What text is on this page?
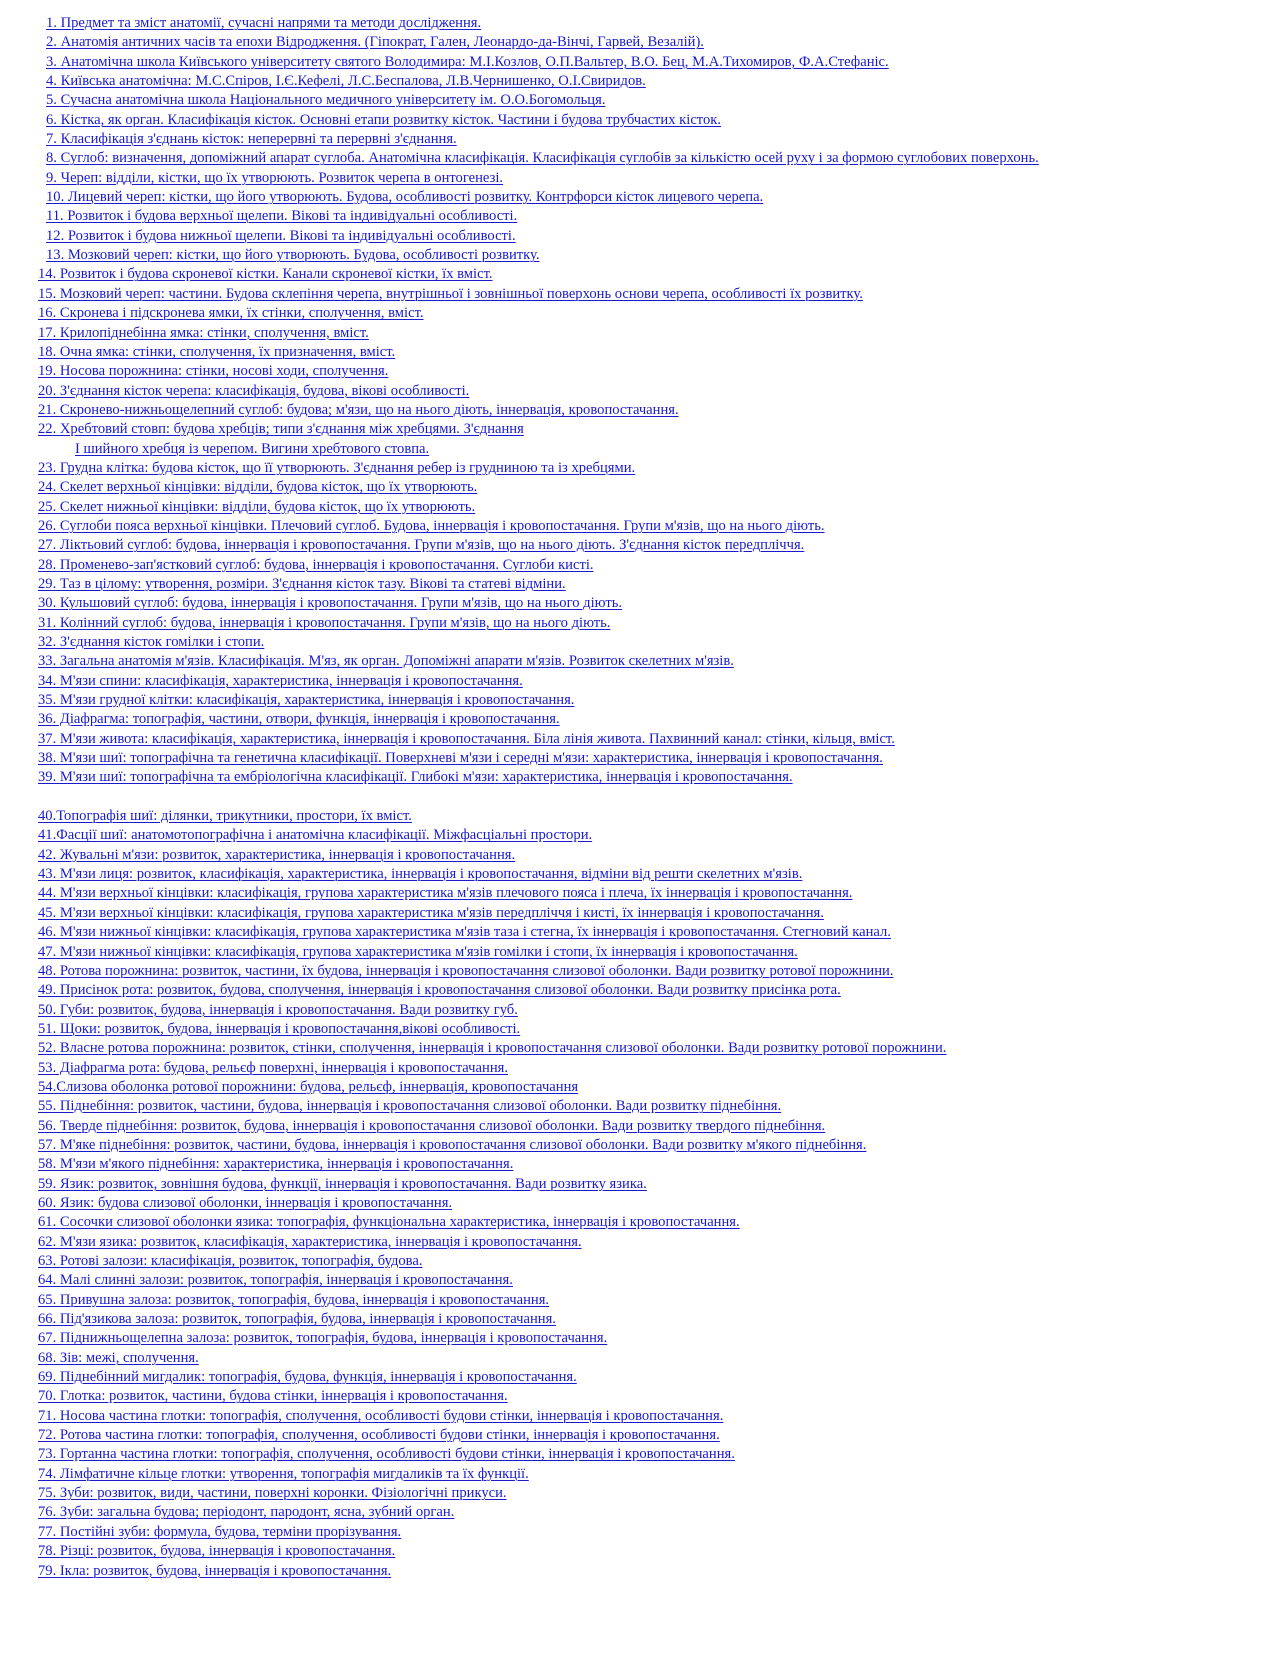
1. Предмет та зміст анатомії, сучасні напрями та методи дослідження.
2. Анатомія античних часів та епохи Відродження. (Гіпократ, Гален, Леонардо-да-Вінчі, Гарвей, Везалій).
3. Анатомічна школа Київського університету святого Володимира: М.І.Козлов, О.П.Вальтер, В.О. Бец, М.А.Тихомиров, Ф.А.Стефаніс.
4. Київська анатомічна: М.С.Спіров, І.Є.Кефелі, Л.С.Беспалова, Л.В.Чернишенко, О.І.Свиридов.
5. Сучасна анатомічна школа Національного медичного університету ім. О.О.Богомольця.
6. Кістка, як орган. Класифікація кісток. Основні етапи розвитку кісток. Частини і будова трубчастих кісток.
7. Класифікація з'єднань кісток: неперервні та перервні з'єднання.
8. Суглоб: визначення, допоміжний апарат суглоба. Анатомічна класифікація. Класифікація суглобів за кількістю осей руху і за формою суглобових поверхонь.
9. Череп: відділи, кістки, що їх утворюють. Розвиток черепа в онтогенезі.
10. Лицевий череп: кістки, що його утворюють. Будова, особливості розвитку. Контрфорси кісток лицевого черепа.
11. Розвиток і будова верхньої щелепи. Вікові та індивідуальні особливості.
12. Розвиток і будова нижньої щелепи. Вікові та індивідуальні особливості.
13. Мозковий череп: кістки, що його утворюють. Будова, особливості розвитку.
14. Розвиток і будова скроневої кістки. Канали скроневої кістки, їх вміст.
15. Мозковий череп: частини. Будова склепіння черепа, внутрішньої і зовнішньої поверхонь основи черепа, особливості їх розвитку.
16. Скронева і підскронева ямки, їх стінки, сполучення, вміст.
17. Крилопіднебінна ямка: стінки, сполучення, вміст.
18. Очна ямка: стінки, сполучення, їх призначення, вміст.
19. Носова порожнина: стінки, носові ходи, сполучення.
20. З'єднання кісток черепа: класифікація, будова, вікові особливості.
21. Скронево-нижньощелепний суглоб: будова; м'язи, що на нього діють, іннервація, кровопостачання.
22. Хребтовий стовп: будова хребців; типи з'єднання між хребцями. З'єднання
I шийного хребця із черепом. Вигини хребтового стовпа.
23. Грудна клітка: будова кісток, що її утворюють. З'єднання ребер із грудниною та із хребцями.
24. Скелет верхньої кінцівки: відділи, будова кісток, що їх утворюють.
25. Скелет нижньої кінцівки: відділи, будова кісток, що їх утворюють.
26. Суглоби пояса верхньої кінцівки. Плечовий суглоб. Будова, іннервація і кровопостачання. Групи м'язів, що на нього діють.
27. Ліктьовий суглоб: будова, іннервація і кровопостачання. Групи м'язів, що на нього діють. З'єднання кісток передпліччя.
28. Променево-зап'ястковий суглоб: будова, іннервація і кровопостачання. Суглоби кисті.
29. Таз в цілому: утворення, розміри. З'єднання кісток тазу. Вікові та статеві відміни.
30. Кульшовий суглоб: будова, іннервація і кровопостачання. Групи м'язів, що на нього діють.
31. Колінний суглоб: будова, іннервація і кровопостачання. Групи м'язів, що на нього діють.
32. З'єднання кісток гомілки і стопи.
33. Загальна анатомія м'язів. Класифікація. М'яз, як орган. Допоміжні апарати м'язів. Розвиток скелетних м'язів.
34. М'язи спини: класифікація, характеристика, іннервація і кровопостачання.
35. М'язи грудної клітки: класифікація, характеристика, іннервація і кровопостачання.
36. Діафрагма: топографія, частини, отвори, функція, іннервація і кровопостачання.
37. М'язи живота: класифікація, характеристика, іннервація і кровопостачання. Біла лінія живота. Пахвинний канал: стінки, кільця, вміст.
38. М'язи шиї: топографічна та генетична класифікації. Поверхневі м'язи і середні м'язи: характеристика, іннервація і кровопостачання.
39. М'язи шиї: топографічна та ембріологічна класифікації. Глибокі м'язи: характеристика, іннервація і кровопостачання.
40.Топографія шиї: ділянки, трикутники, простори, їх вміст.
41.Фасції шиї: анатомотопографічна і анатомічна класифікації. Міжфасціальні простори.
42. Жувальні м'язи: розвиток, характеристика, іннервація і кровопостачання.
43. М'язи лиця: розвиток, класифікація, характеристика, іннервація і кровопостачання, відміни від решти скелетних м'язів.
44. М'язи верхньої кінцівки: класифікація, групова характеристика м'язів плечового пояса і плеча, їх іннервація і кровопостачання.
45. М'язи верхньої кінцівки: класифікація, групова характеристика м'язів передпліччя і кисті, їх іннервація і кровопостачання.
46. М'язи нижньої кінцівки: класифікація, групова характеристика м'язів таза і стегна, їх іннервація і кровопостачання. Стегновий канал.
47. М'язи нижньої кінцівки: класифікація, групова характеристика м'язів гомілки і стопи, їх іннервація і кровопостачання.
48. Ротова порожнина: розвиток, частини, їх будова, іннервація і кровопостачання слизової оболонки. Вади розвитку ротової порожнини.
49. Присінок рота: розвиток, будова, сполучення, іннервація і кровопостачання слизової оболонки. Вади розвитку присінка рота.
50. Губи: розвиток, будова, іннервація і кровопостачання. Вади розвитку губ.
51. Щоки: розвиток, будова, іннервація і кровопостачання,вікові особливості.
52. Власне ротова порожнина: розвиток, стінки, сполучення, іннервація і кровопостачання слизової оболонки. Вади розвитку ротової порожнини.
53. Діафрагма рота: будова, рельєф поверхні, іннервація і кровопостачання.
54.Слизова оболонка ротової порожнини: будова, рельєф, іннервація, кровопостачання
55. Піднебіння: розвиток, частини, будова, іннервація і кровопостачання слизової оболонки. Вади розвитку піднебіння.
56. Тверде піднебіння: розвиток, будова, іннервація і кровопостачання слизової оболонки. Вади розвитку твердого піднебіння.
57. М'яке піднебіння: розвиток, частини, будова, іннервація і кровопостачання слизової оболонки. Вади розвитку м'якого піднебіння.
58. М'язи м'якого піднебіння: характеристика, іннервація і кровопостачання.
59. Язик: розвиток, зовнішня будова, функції, іннервація і кровопостачання. Вади розвитку язика.
60. Язик: будова слизової оболонки, іннервація і кровопостачання.
61. Сосочки слизової оболонки язика: топографія, функціональна характеристика, іннервація і кровопостачання.
62. М'язи язика: розвиток, класифікація, характеристика, іннервація і кровопостачання.
63. Ротові залози: класифікація, розвиток, топографія, будова.
64. Малі слинні залози: розвиток, топографія, іннервація і кровопостачання.
65. Привушна залоза: розвиток, топографія, будова, іннервація і кровопостачання.
66. Під'язикова залоза: розвиток, топографія, будова, іннервація і кровопостачання.
67. Піднижньощелепна залоза: розвиток, топографія, будова, іннервація і кровопостачання.
68. Зів: межі, сполучення.
69. Піднебінний мигдалик: топографія, будова, функція, іннервація і кровопостачання.
70. Глотка: розвиток, частини, будова стінки, іннервація і кровопостачання.
71. Носова частина глотки: топографія, сполучення, особливості будови стінки, іннервація і кровопостачання.
72. Ротова частина глотки: топографія, сполучення, особливості будови стінки, іннервація і кровопостачання.
73. Гортанна частина глотки: топографія, сполучення, особливості будови стінки, іннервація і кровопостачання.
74. Лімфатичне кільце глотки: утворення, топографія мигдаликів та їх функції.
75. Зуби: розвиток, види, частини, поверхні коронки. Фізіологічні прикуси.
76. Зуби: загальна будова; періодонт, пародонт, ясна, зубний орган.
77. Постійні зуби: формула, будова, терміни прорізування.
78. Різці: розвиток, будова, іннервація і кровопостачання.
79. Ікла: розвиток, будова, іннервація і кровопостачання.
